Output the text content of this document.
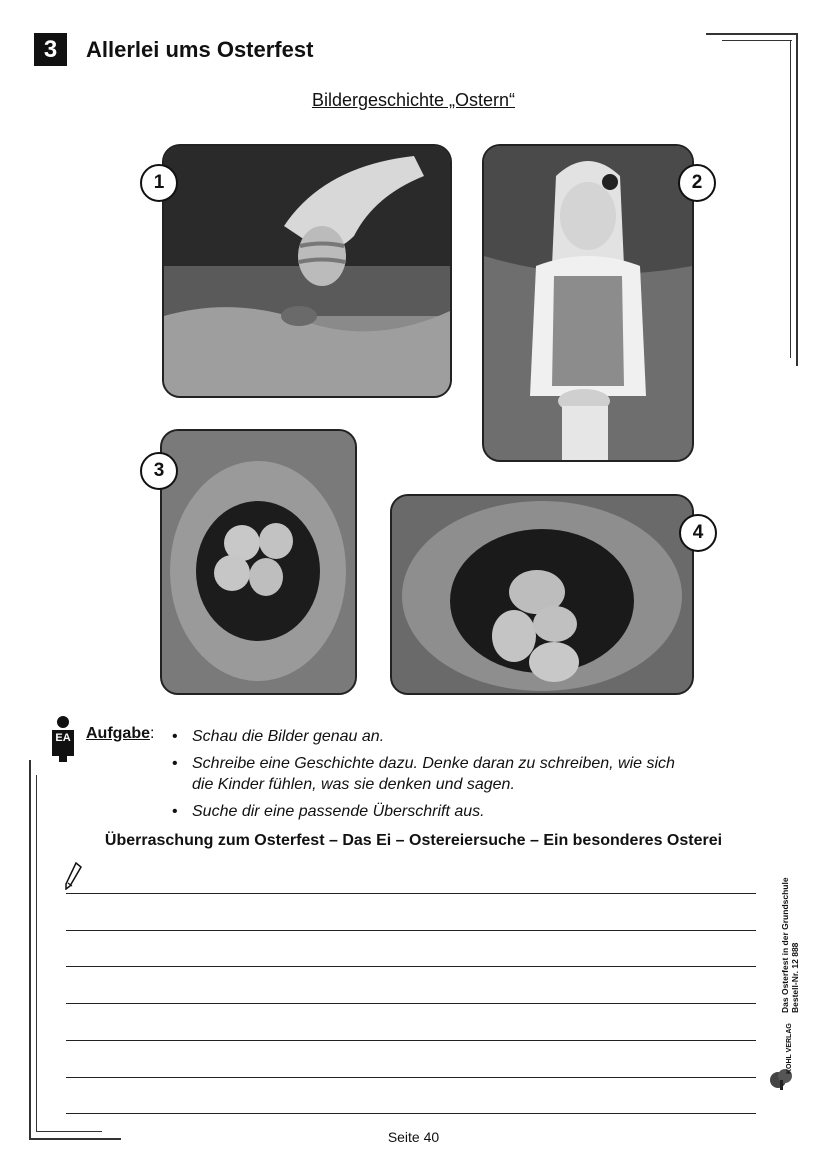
3	Allerlei ums Osterfest
Bildergeschichte „Ostern“
1	2
3
4
EA Aufgabe:
•	Schau die Bilder genau an.
• Schreibe eine Geschichte dazu. Denke daran zu schreiben, wie sich die Kinder fühlen, was sie denken und sagen.
• Suche dir eine passende Überschrift aus.
Überraschung zum Osterfest – Das Ei – Ostereiersuche – Ein besonderes Osterei
Das Osterfest in der Grundschule Bestell-Nr. 12 888
KOHL VERLAG
Seite 40
